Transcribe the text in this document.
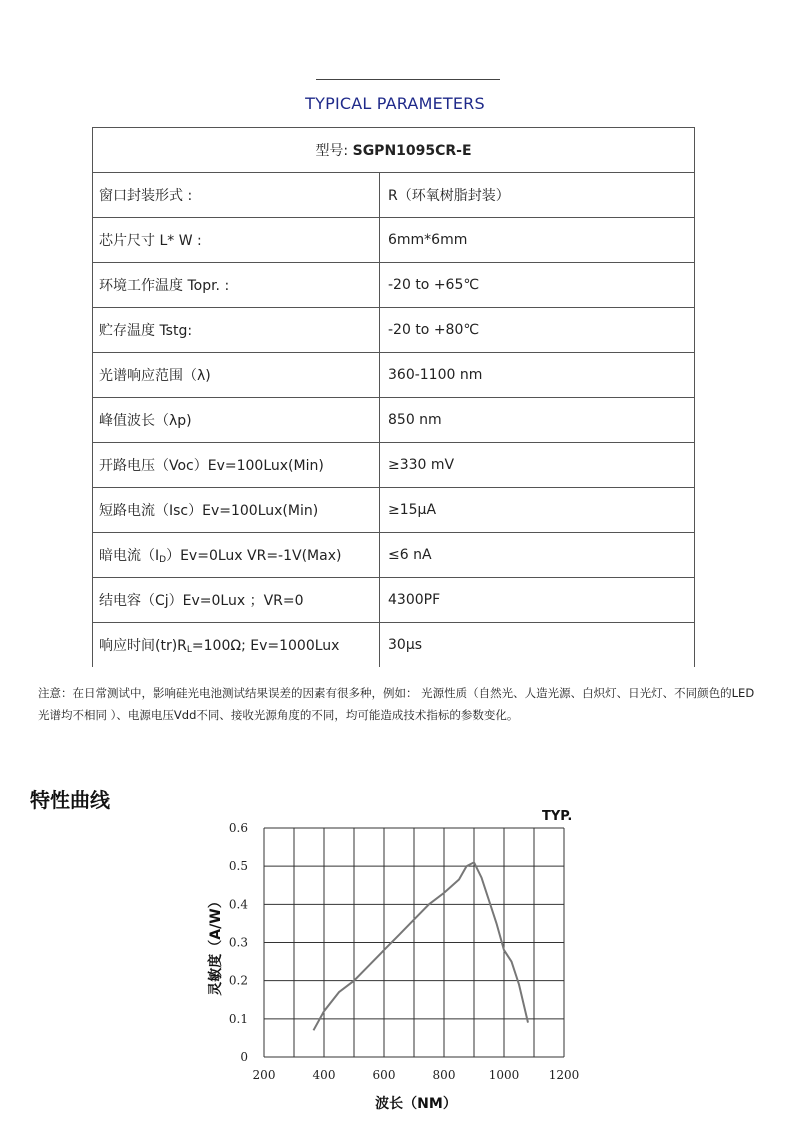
TYPICAL PARAMETERS
型号: SGPN1095CR-E	
窗口封装形式 :	R（环氧树脂封装）
芯片尺寸 L* W :	6mm*6mm
环境工作温度 Topr. :	-20 to +65℃
贮存温度 Tstg:	-20 to +80℃
光谱响应范围（λ)	360-1100 nm
峰值波长（λp)	850 nm
开路电压（Voc）Ev=100Lux(Min)	≥330 mV
短路电流（Isc）Ev=100Lux(Min)	≥15μA
暗电流$(I_D)Ev=0Lux$ VR=-1V(Max)	≤6 nA
结电容（Cj）Ev=0Lux ；VR=0	4300PF
响应时间$(tr)R_L=100\Omega$; Ev=1000Lux	30μs
注意：在日常测试中，影响硅光电池测试结果误差的因素有很多种，例如： 光源性质（自然光、人造光源、白炽灯、日光灯、不同颜色的LED光谱均不相同 ）、电源电压Vdd不同、接收光源角度的不同，均可能造成技术指标的参数变化。
特性曲线
200	400	600	800	1000 1200
0
0.1
0.2
0.3
0.4
0.5
0.6
TYP.
波长（NM）
灵敏度（A/W）
